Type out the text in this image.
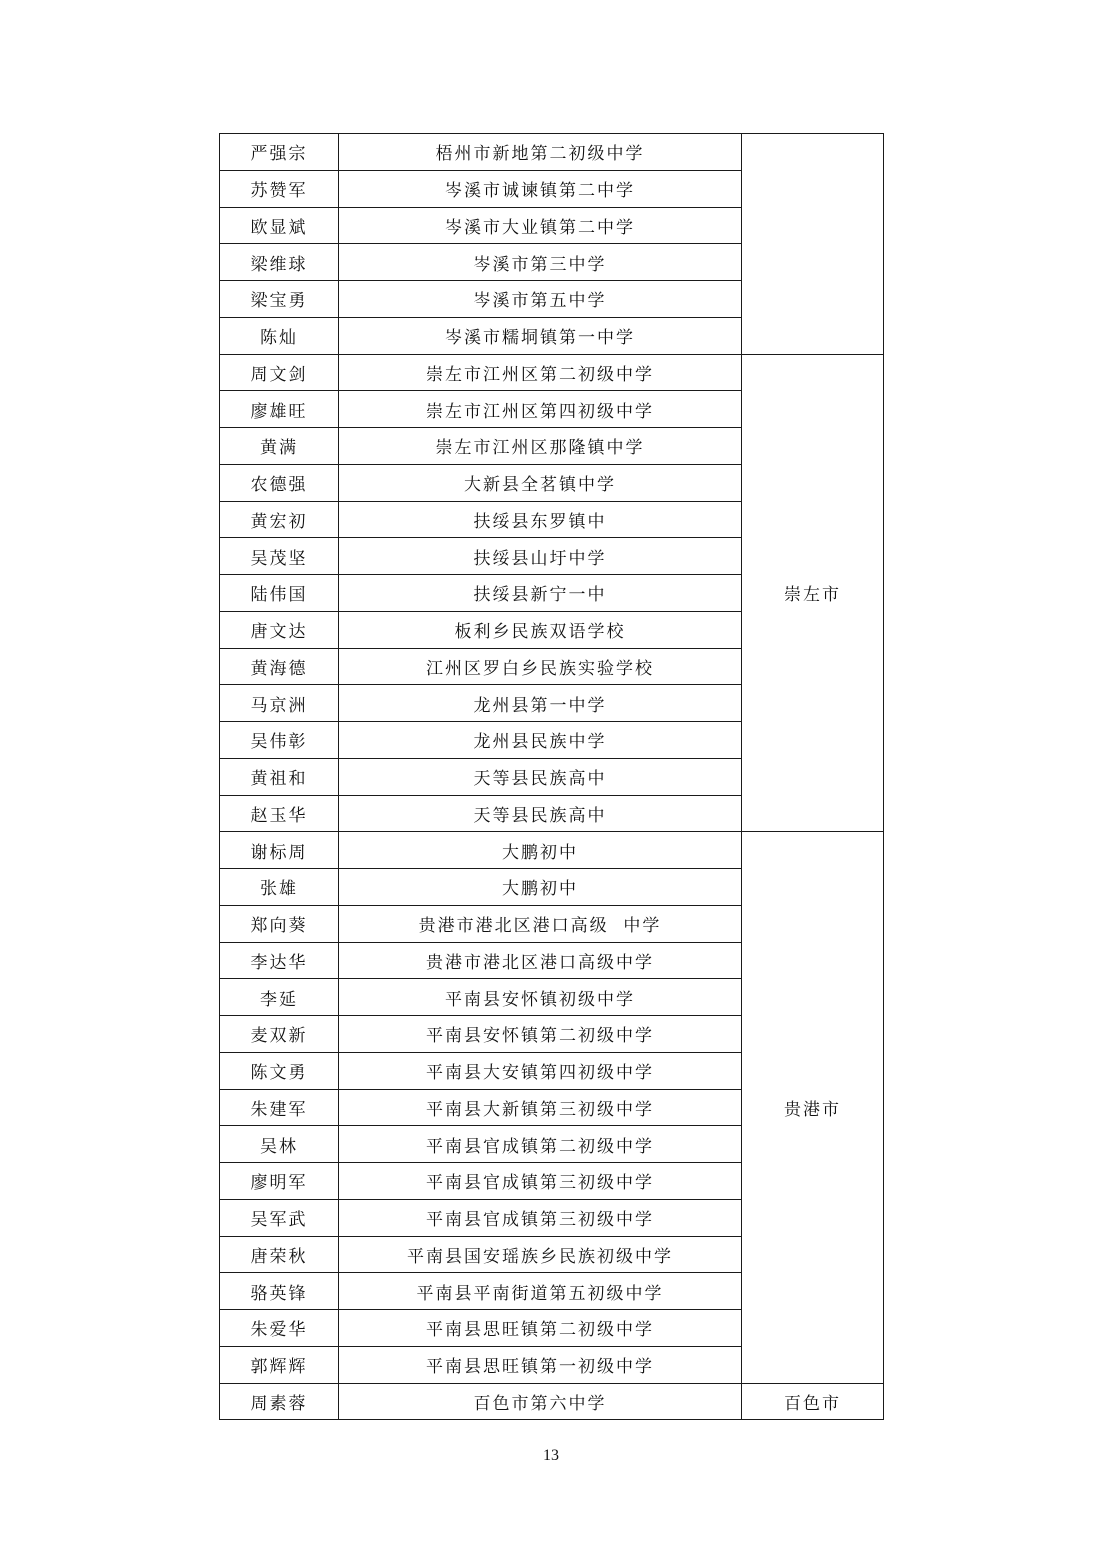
严强宗	梧州市新地第二初级中学	
苏赞军	岑溪市诚谏镇第二中学	
欧显斌	岑溪市大业镇第二中学	
梁维球	岑溪市第三中学	
梁宝勇	岑溪市第五中学	
陈灿	岑溪市糯垌镇第一中学	
周文剑	崇左市江州区第二初级中学	崇左市
廖雄旺	崇左市江州区第四初级中学	
黄满	崇左市江州区那隆镇中学	
农德强	大新县全茗镇中学	
黄宏初	扶绥县东罗镇中	
吴茂坚	扶绥县山圩中学	
陆伟国	扶绥县新宁一中	
唐文达	板利乡民族双语学校	
黄海德	江州区罗白乡民族实验学校	
马京洲	龙州县第一中学	
吴伟彰	龙州县民族中学	
黄祖和	天等县民族高中	
赵玉华	天等县民族高中	
谢标周	大鹏初中	贵港市
张雄	大鹏初中	
郑向葵	贵港市港北区港口高级  中学	
李达华	贵港市港北区港口高级中学	
李延	平南县安怀镇初级中学	
麦双新	平南县安怀镇第二初级中学	
陈文勇	平南县大安镇第四初级中学	
朱建军	平南县大新镇第三初级中学	
吴林	平南县官成镇第二初级中学	
廖明军	平南县官成镇第三初级中学	
吴军武	平南县官成镇第三初级中学	
唐荣秋	平南县国安瑶族乡民族初级中学	
骆英锋	平南县平南街道第五初级中学	
朱爱华	平南县思旺镇第二初级中学	
郭辉辉	平南县思旺镇第一初级中学	
周素蓉	百色市第六中学	百色市
13
